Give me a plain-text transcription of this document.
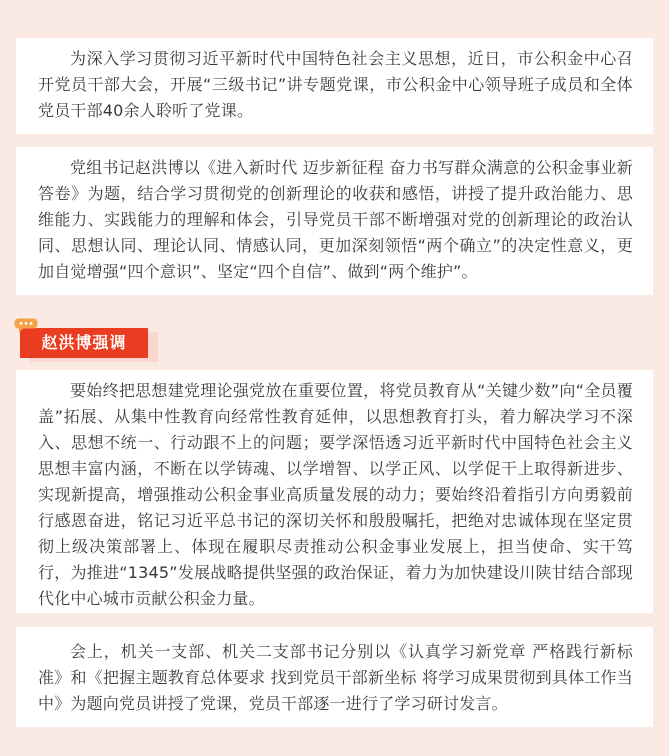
为深入学习贯彻习近平新时代中国特色社会主义思想，近日，市公积金中心召开党员干部大会，开展“三级书记”讲专题党课，市公积金中心领导班子成员和全体党员干部40余人聆听了党课。

党组书记赵洪博以《进入新时代 迈步新征程 奋力书写群众满意的公积金事业新答卷》为题，结合学习贯彻党的创新理论的收获和感悟，讲授了提升政治能力、思维能力、实践能力的理解和体会，引导党员干部不断增强对党的创新理论的政治认同、思想认同、理论认同、情感认同，更加深刻领悟“两个确立”的决定性意义，更加自觉增强“四个意识”、坚定“四个自信”、做到“两个维护”。

赵洪博强调

要始终把思想建党理论强党放在重要位置，将党员教育从“关键少数”向“全员覆盖”拓展、从集中性教育向经常性教育延伸，以思想教育打头，着力解决学习不深入、思想不统一、行动跟不上的问题；要学深悟透习近平新时代中国特色社会主义思想丰富内涵，不断在以学铸魂、以学增智、以学正风、以学促干上取得新进步、实现新提高，增强推动公积金事业高质量发展的动力；要始终沿着指引方向勇毅前行感恩奋进，铭记习近平总书记的深切关怀和殷殷嘱托，把绝对忠诚体现在坚定贯彻上级决策部署上、体现在履职尽责推动公积金事业发展上，担当使命、实干笃行，为推进“1345”发展战略提供坚强的政治保证，着力为加快建设川陕甘结合部现代化中心城市贡献公积金力量。

会上，机关一支部、机关二支部书记分别以《认真学习新党章 严格践行新标准》和《把握主题教育总体要求 找到党员干部新坐标 将学习成果贯彻到具体工作当中》为题向党员讲授了党课，党员干部逐一进行了学习研讨发言。
